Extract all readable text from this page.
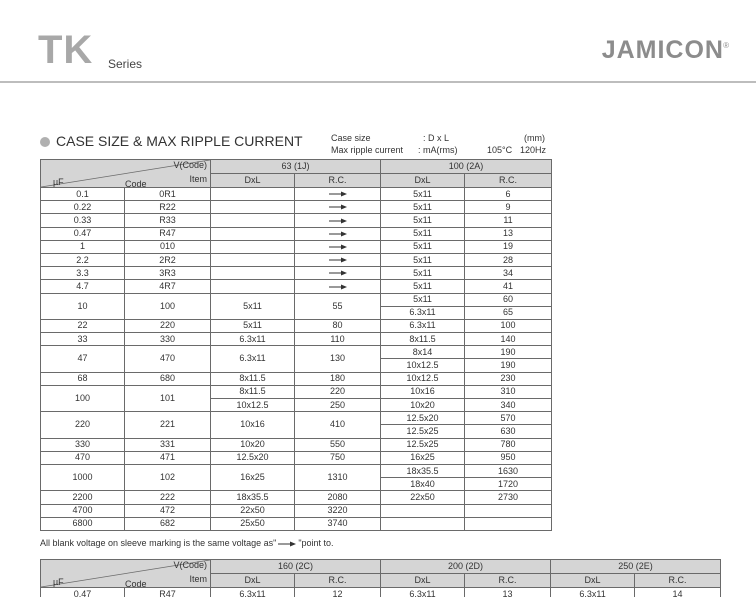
TK Series	JAMICON ®
CASE SIZE & MAX RIPPLE CURRENT	Case size	: D x L	(mm)
Max ripple current : mA(rms)	105°C 120Hz
V(Code)
Item
µF Code		63 (1J)		100 (2A)	
		DxL	R.C.	DxL	R.C.
0.1	0R1			5x11	6
0.22	R22			5x11	9
0.33	R33			5x11	11
0.47	R47			5x11	13
1	010			5x11	19
2.2	2R2			5x11	28
3.3	3R3			5x11	34
4.7	4R7			5x11	41
10	100	5x11	55	5x11	60
				6.3x11	65
22	220	5x11	80	6.3x11	100
33	330	6.3x11	110	8x11.5	140
47	470	6.3x11	130	8x14	190
				10x12.5	190
68	680	8x11.5	180	10x12.5	230
100	101	8x11.5	220	10x16	310
		10x12.5	250	10x20	340
220	221	10x16	410	12.5x20	570
				12.5x25	630
330	331	10x20	550	12.5x25	780
470	471	12.5x20	750	16x25	950
1000	102	16x25	1310	18x35.5	1630
				18x40	1720
2200	222	18x35.5	2080	22x50	2730
4700	472	22x50	3220		
6800	682	25x50	3740		
All blank voltage on sleeve marking is the same voltage as" "point to.
V(Code)
Item
µF Code		160 (2C)		200 (2D)		250 (2E)	
		DxL	R.C.	DxL	R.C.	DxL	R.C.
0.47	R47	6.3x11	12	6.3x11	13	6.3x11	14
